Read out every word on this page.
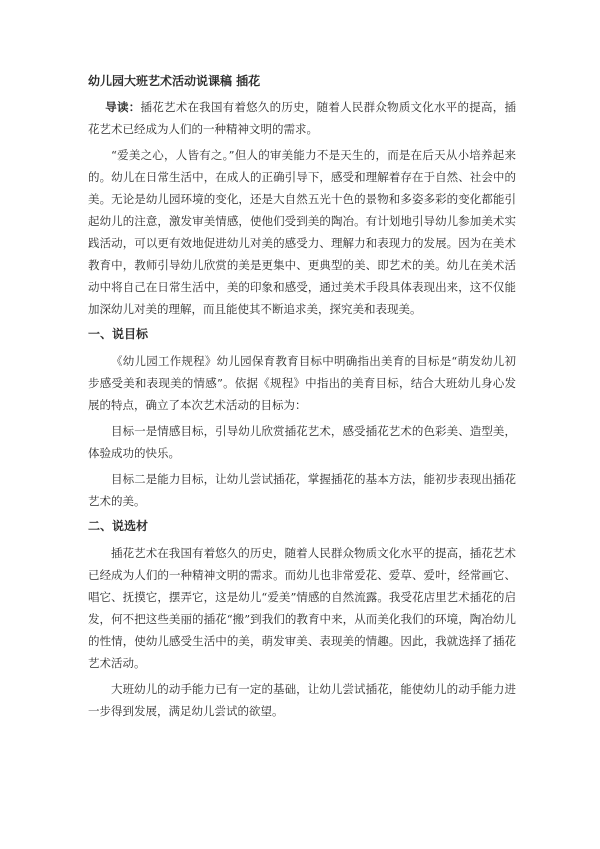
幼儿园大班艺术活动说课稿 插花

导读：插花艺术在我国有着悠久的历史，随着人民群众物质文化水平的提高，插花艺术已经成为人们的一种精神文明的需求。

“爱美之心，人皆有之。”但人的审美能力不是天生的，而是在后天从小培养起来的。幼儿在日常生活中，在成人的正确引导下，感受和理解着存在于自然、社会中的美。无论是幼儿园环境的变化，还是大自然五光十色的景物和多姿多彩的变化都能引起幼儿的注意，激发审美情感，使他们受到美的陶冶。有计划地引导幼儿参加美术实践活动，可以更有效地促进幼儿对美的感受力、理解力和表现力的发展。因为在美术教育中，教师引导幼儿欣赏的美是更集中、更典型的美、即艺术的美。幼儿在美术活动中将自己在日常生活中，美的印象和感受，通过美术手段具体表现出来，这不仅能加深幼儿对美的理解，而且能使其不断追求美，探究美和表现美。

一、说目标

《幼儿园工作规程》幼儿园保育教育目标中明确指出美育的目标是“萌发幼儿初步感受美和表现美的情感”。依据《规程》中指出的美育目标，结合大班幼儿身心发展的特点，确立了本次艺术活动的目标为：

目标一是情感目标，引导幼儿欣赏插花艺术，感受插花艺术的色彩美、造型美，体验成功的快乐。

目标二是能力目标，让幼儿尝试插花，掌握插花的基本方法，能初步表现出插花艺术的美。

二、说选材

插花艺术在我国有着悠久的历史，随着人民群众物质文化水平的提高，插花艺术已经成为人们的一种精神文明的需求。而幼儿也非常爱花、爱草、爱叶，经常画它、唱它、抚摸它，摆弄它，这是幼儿“爱美”情感的自然流露。我受花店里艺术插花的启发，何不把这些美丽的插花“搬”到我们的教育中来，从而美化我们的环境，陶冶幼儿的性情，使幼儿感受生活中的美，萌发审美、表现美的情趣。因此，我就选择了插花艺术活动。

大班幼儿的动手能力已有一定的基础，让幼儿尝试插花，能使幼儿的动手能力进一步得到发展，满足幼儿尝试的欲望。
